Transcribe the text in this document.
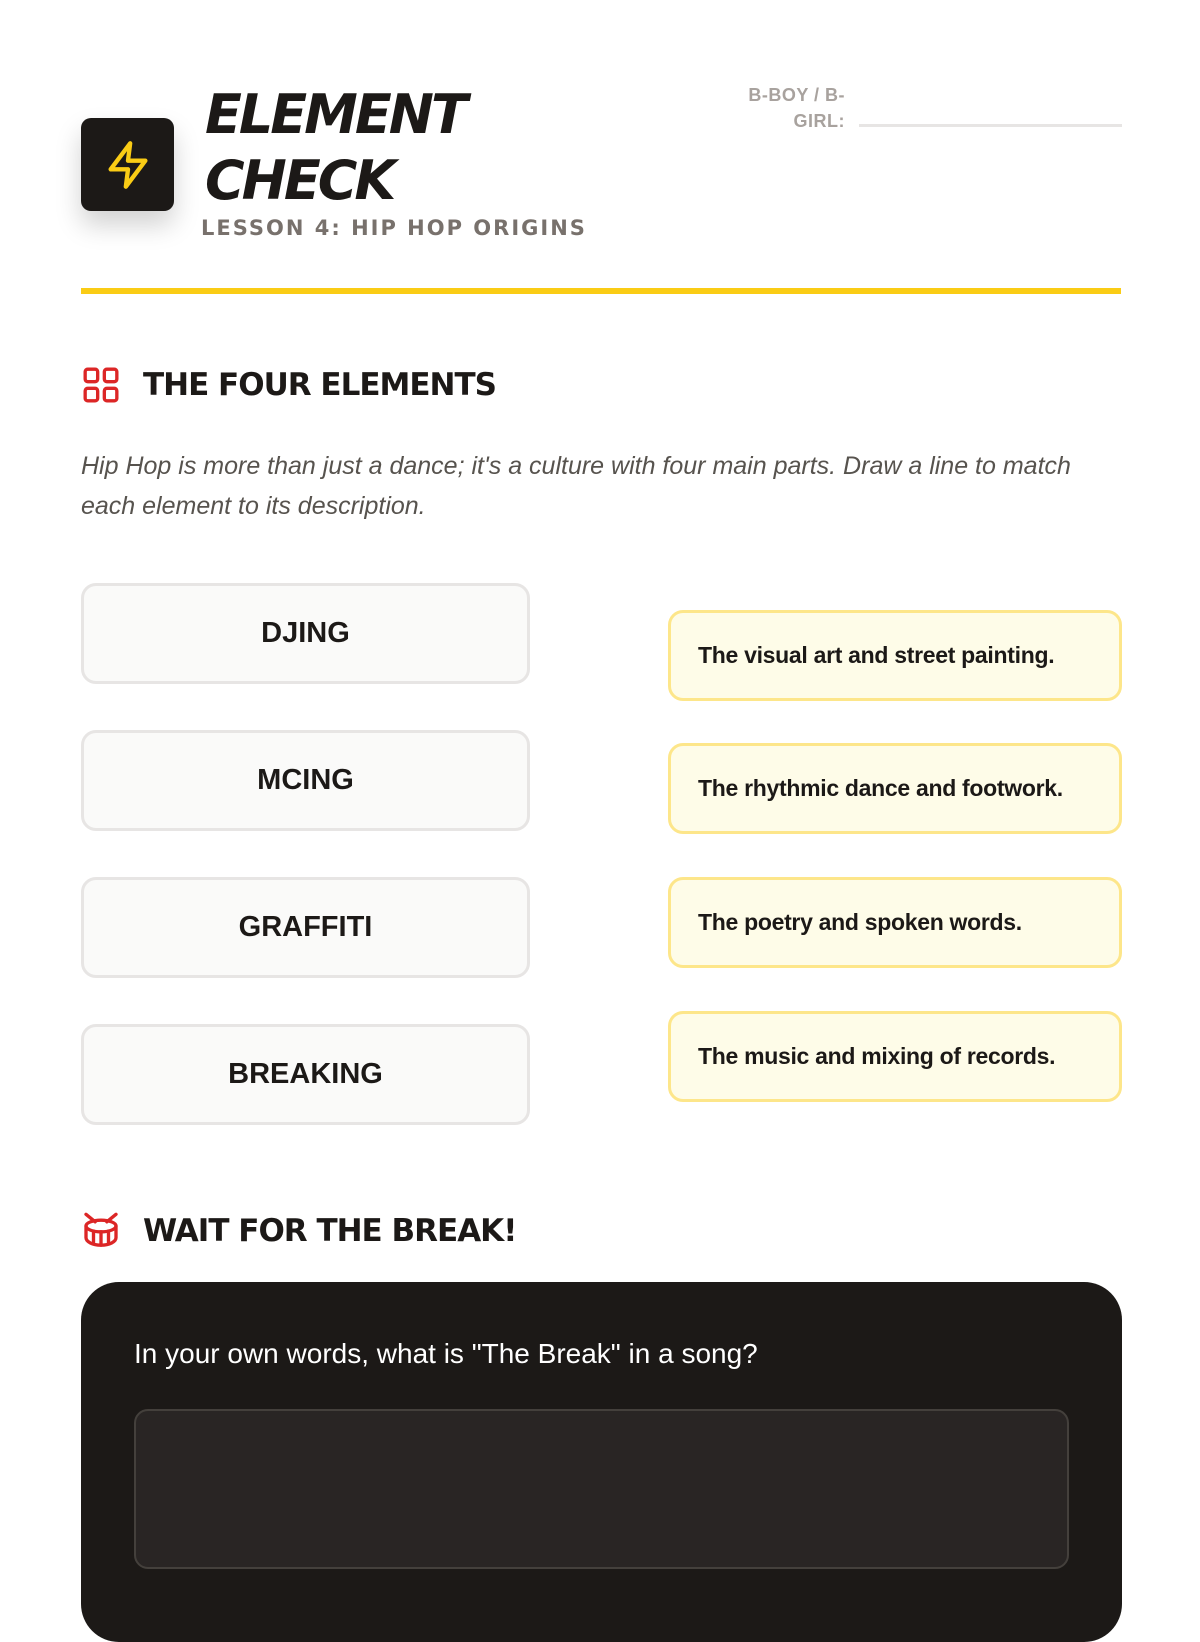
ELEMENT CHECK
LESSON 4: HIP HOP ORIGINS
B-BOY / B-GIRL:
THE FOUR ELEMENTS

Hip Hop is more than just a dance; it's a culture with four main parts. Draw a line to match each element to its description.

DJING
MCING
GRAFFITI
BREAKING
The visual art and street painting.
The rhythmic dance and footwork.
The poetry and spoken words.
The music and mixing of records.
WAIT FOR THE BREAK!

In your own words, what is "The Break" in a song?
